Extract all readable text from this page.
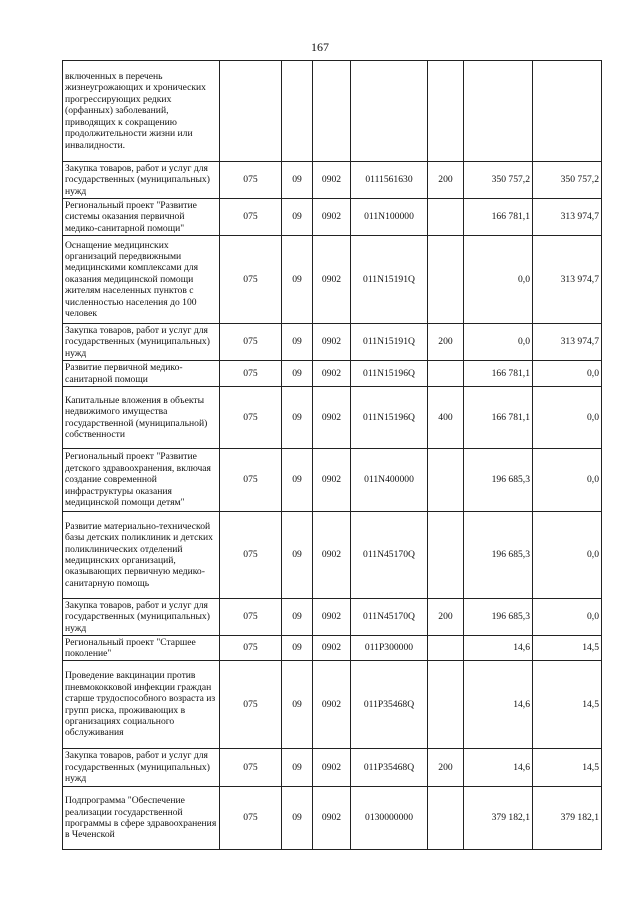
167
включенных в перечень жизнеугрожающих и хронических прогрессирующих редких (орфанных) заболеваний, приводящих к сокращению продолжительности жизни или инвалидности.							
Закупка товаров, работ и услуг для государственных (муниципальных) нужд	075	09	0902	0111561630	200	350 757,2	350 757,2
Региональный проект "Развитие системы оказания первичной медико-санитарной помощи"	075	09	0902	011N100000		166 781,1	313 974,7
Оснащение медицинских организаций передвижными медицинскими комплексами для оказания медицинской помощи жителям населенных пунктов с численностью населения до 100 человек	075	09	0902	011N15191Q		0,0	313 974,7
Закупка товаров, работ и услуг для государственных (муниципальных) нужд	075	09	0902	011N15191Q	200	0,0	313 974,7
Развитие первичной медико-санитарной помощи	075	09	0902	011N15196Q		166 781,1	0,0
Капитальные вложения в объекты недвижимого имущества государственной (муниципальной) собственности	075	09	0902	011N15196Q	400	166 781,1	0,0
Региональный проект "Развитие детского здравоохранения, включая создание современной инфраструктуры оказания медицинской помощи детям"	075	09	0902	011N400000		196 685,3	0,0
Развитие материально-технической базы детских поликлиник и детских поликлинических отделений медицинских организаций, оказывающих первичную медико-санитарную помощь	075	09	0902	011N45170Q		196 685,3	0,0
Закупка товаров, работ и услуг для государственных (муниципальных) нужд	075	09	0902	011N45170Q	200	196 685,3	0,0
Региональный проект "Старшее поколение"	075	09	0902	011P300000		14,6	14,5
Проведение вакцинации против пневмококковой инфекции граждан старше трудоспособного возраста из групп риска, проживающих в организациях социального обслуживания	075	09	0902	011P35468Q		14,6	14,5
Закупка товаров, работ и услуг для государственных (муниципальных) нужд	075	09	0902	011P35468Q	200	14,6	14,5
Подпрограмма "Обеспечение реализации государственной программы в сфере здравоохранения в Чеченской	075	09	0902	0130000000		379 182,1	379 182,1
